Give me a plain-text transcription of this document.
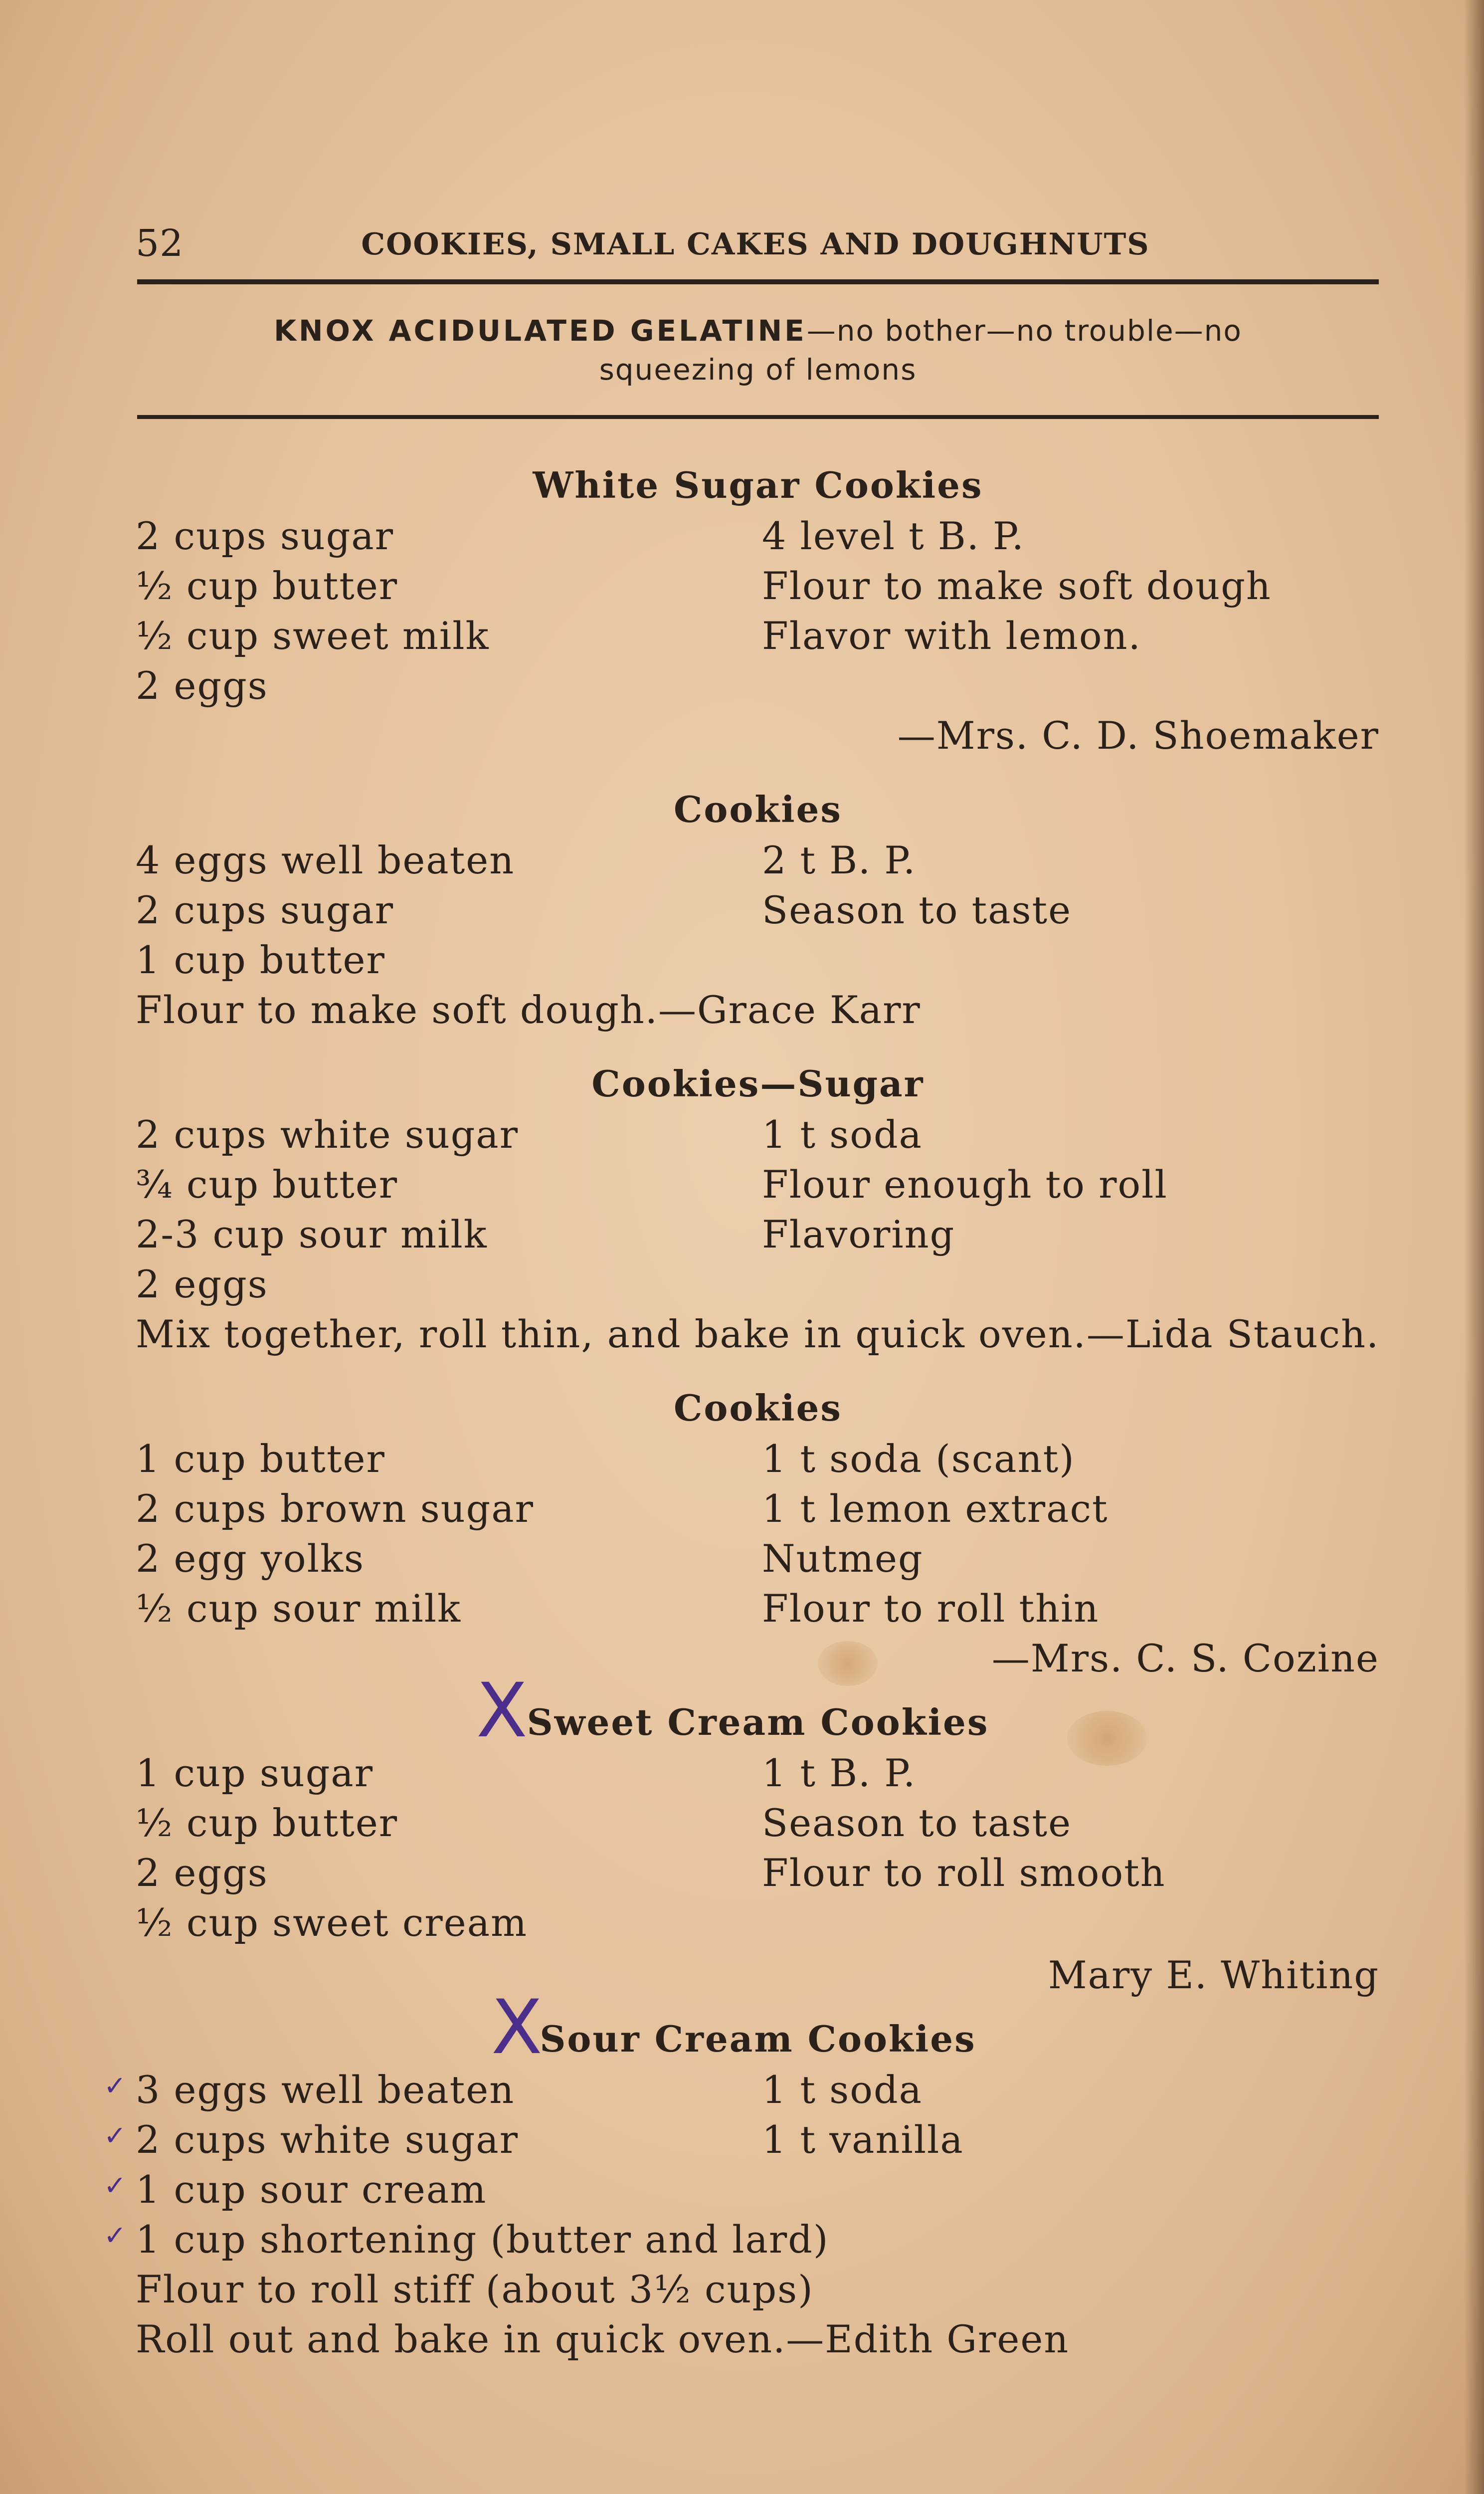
52	COOKIES, SMALL CAKES AND DOUGHNUTS
KNOX ACIDULATED GELATINE—no bother—no trouble—no
squeezing of lemons
White Sugar Cookies
2 cups sugar
½ cup butter
½ cup sweet milk
2 eggs
4 level t B. P.
Flour to make soft dough
Flavor with lemon.
—Mrs. C. D. Shoemaker
Cookies
4 eggs well beaten
2 cups sugar
1 cup butter
2 t B. P.
Season to taste
Flour to make soft dough.—Grace Karr
Cookies—Sugar
2 cups white sugar
¾ cup butter
2-3 cup sour milk
2 eggs
1 t soda
Flour enough to roll
Flavoring
Mix together, roll thin, and bake in quick oven.—Lida Stauch.
Cookies
1 cup butter
2 cups brown sugar
2 egg yolks
½ cup sour milk
1 t soda (scant)
1 t lemon extract
Nutmeg
Flour to roll thin
—Mrs. C. S. Cozine
X
Sweet Cream Cookies
1 cup sugar
½ cup butter
2 eggs
½ cup sweet cream
1 t B. P.
Season to taste
Flour to roll smooth
Mary E. Whiting
X
Sour Cream Cookies
✓
✓
✓
✓
3 eggs well beaten
2 cups white sugar
1 cup sour cream
1 cup shortening (butter and lard)
1 t soda
1 t vanilla
Flour to roll stiff (about 3½ cups)
Roll out and bake in quick oven.—Edith Green
